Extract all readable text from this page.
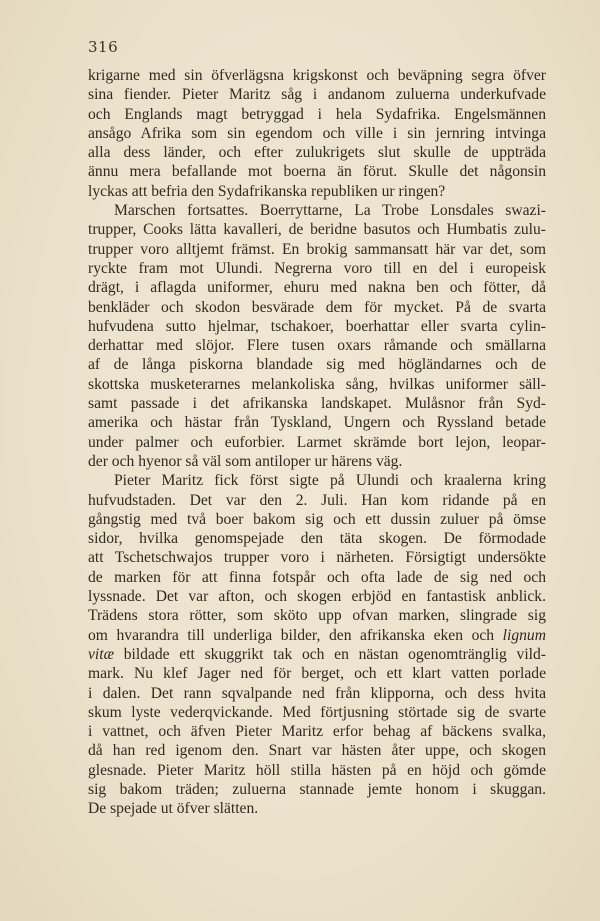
316
krigarne med sin öfverlägsna krigskonst och beväpning segra öfver
sina fiender. Pieter Maritz såg i andanom zuluerna underkufvade
och Englands magt betryggad i hela Sydafrika. Engelsmännen
ansågo Afrika som sin egendom och ville i sin jernring intvinga
alla dess länder, och efter zulukrigets slut skulle de uppträda
ännu mera befallande mot boerna än förut. Skulle det någonsin
lyckas att befria den Sydafrikanska republiken ur ringen?
Marschen fortsattes. Boerryttarne, La Trobe Lonsdales swazi-
trupper, Cooks lätta kavalleri, de beridne basutos och Humbatis zulu-
trupper voro alltjemt främst. En brokig sammansatt här var det, som
ryckte fram mot Ulundi. Negrerna voro till en del i europeisk
drägt, i aflagda uniformer, ehuru med nakna ben och fötter, då
benkläder och skodon besvärade dem för mycket. På de svarta
hufvudena sutto hjelmar, tschakoer, boerhattar eller svarta cylin-
derhattar med slöjor. Flere tusen oxars råmande och smällarna
af de långa piskorna blandade sig med högländarnes och de
skottska musketerarnes melankoliska sång, hvilkas uniformer säll-
samt passade i det afrikanska landskapet. Mulåsnor från Syd-
amerika och hästar från Tyskland, Ungern och Ryssland betade
under palmer och euforbier. Larmet skrämde bort lejon, leopar-
der och hyenor så väl som antiloper ur härens väg.
Pieter Maritz fick först sigte på Ulundi och kraalerna kring
hufvudstaden. Det var den 2. Juli. Han kom ridande på en
gångstig med två boer bakom sig och ett dussin zuluer på ömse
sidor, hvilka genomspejade den täta skogen. De förmodade
att Tschetschwajos trupper voro i närheten. Försigtigt undersökte
de marken för att finna fotspår och ofta lade de sig ned och
lyssnade. Det var afton, och skogen erbjöd en fantastisk anblick.
Trädens stora rötter, som sköto upp ofvan marken, slingrade sig
om hvarandra till underliga bilder, den afrikanska eken och lignum
vitæ bildade ett skuggrikt tak och en nästan ogenomtränglig vild-
mark. Nu klef Jager ned för berget, och ett klart vatten porlade
i dalen. Det rann sqvalpande ned från klipporna, och dess hvita
skum lyste vederqvickande. Med förtjusning störtade sig de svarte
i vattnet, och äfven Pieter Maritz erfor behag af bäckens svalka,
då han red igenom den. Snart var hästen åter uppe, och skogen
glesnade. Pieter Maritz höll stilla hästen på en höjd och gömde
sig bakom träden; zuluerna stannade jemte honom i skuggan.
De spejade ut öfver slätten.
